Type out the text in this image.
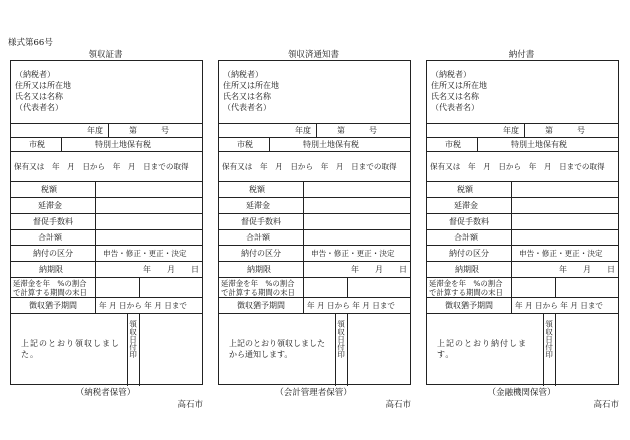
様式第66号
領収証書
（納税者）
住所又は所在地
氏名又は名称
（代表者名）
年度	第　　　号
市税	特別土地保有税
保有又は　年　月　日から　年　月　日までの取得
税額
延滞金
督促手数料
合計額
納付の区分	申告・修正・更正・決定
納期限	年　　月　　日
延滞金を年　%の割合
で計算する期間の末日
徴収猶予期間	年 月 日から 年 月 日まで
上記のとおり領収しました。	領収日付印
（納税者保管）
高石市
領収済通知書
（納税者）
住所又は所在地
氏名又は名称
（代表者名）
年度	第　　　号
市税	特別土地保有税
保有又は　年　月　日から　年　月　日までの取得
税額
延滞金
督促手数料
合計額
納付の区分	申告・修正・更正・決定
納期限	年　　月　　日
延滞金を年　%の割合
で計算する期間の末日
徴収猶予期間	年 月 日から 年 月 日まで
上記のとおり領収しましたから通知します。	領収日付印
（会計管理者保管）
高石市
納付書
（納税者）
住所又は所在地
氏名又は名称
（代表者名）
年度	第　　　号
市税	特別土地保有税
保有又は　年　月　日から　年　月　日までの取得
税額
延滞金
督促手数料
合計額
納付の区分	申告・修正・更正・決定
納期限	年　　月　　日
延滞金を年　%の割合
で計算する期間の末日
徴収猶予期間	年 月 日から 年 月 日まで
上記のとおり納付します。	領収日付印
（金融機関保管）
高石市
